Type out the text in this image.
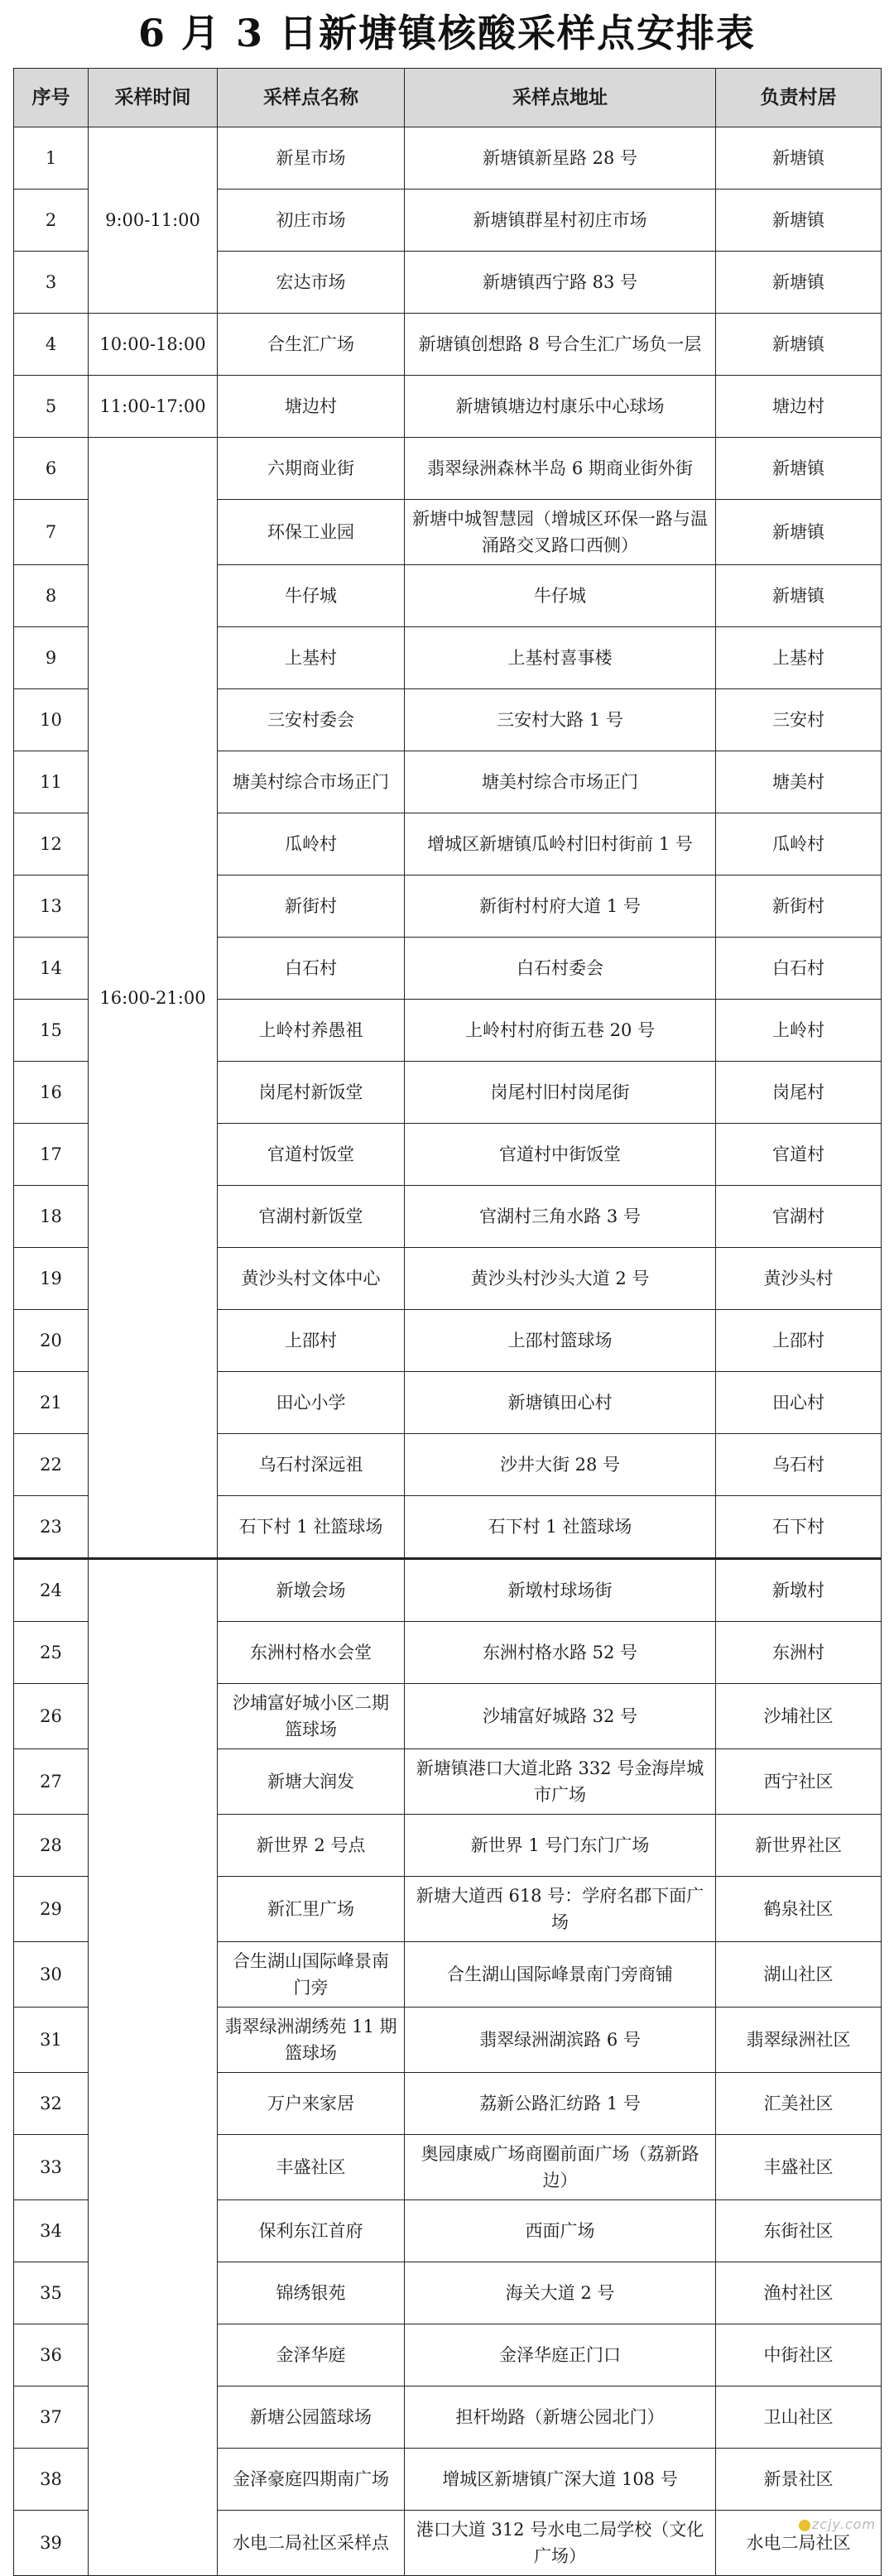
6 月 3 日新塘镇核酸采样点安排表
序号	采样时间	采样点名称	采样点地址	负责村居
1	9:00-11:00	新星市场	新塘镇新星路 28 号	新塘镇
2		初庄市场	新塘镇群星村初庄市场	新塘镇
3		宏达市场	新塘镇西宁路 83 号	新塘镇
4	10:00-18:00	合生汇广场	新塘镇创想路 8 号合生汇广场负一层	新塘镇
5	11:00-17:00	塘边村	新塘镇塘边村康乐中心球场	塘边村
6	16:00-21:00	六期商业街	翡翠绿洲森林半岛 6 期商业街外街	新塘镇
7		环保工业园	新塘中城智慧园（增城区环保一路与温涌路交叉路口西侧）	新塘镇
8		牛仔城	牛仔城	新塘镇
9		上基村	上基村喜事楼	上基村
10		三安村委会	三安村大路 1 号	三安村
11		塘美村综合市场正门	塘美村综合市场正门	塘美村
12		瓜岭村	增城区新塘镇瓜岭村旧村街前 1 号	瓜岭村
13		新街村	新街村村府大道 1 号	新街村
14		白石村	白石村委会	白石村
15		上岭村养愚祖	上岭村村府街五巷 20 号	上岭村
16		岗尾村新饭堂	岗尾村旧村岗尾街	岗尾村
17		官道村饭堂	官道村中街饭堂	官道村
18		官湖村新饭堂	官湖村三角水路 3 号	官湖村
19		黄沙头村文体中心	黄沙头村沙头大道 2 号	黄沙头村
20		上邵村	上邵村篮球场	上邵村
21		田心小学	新塘镇田心村	田心村
22		乌石村深远祖	沙井大街 28 号	乌石村
23		石下村 1 社篮球场	石下村 1 社篮球场	石下村
24		新墩会场	新墩村球场街	新墩村
25		东洲村格水会堂	东洲村格水路 52 号	东洲村
26		沙埔富好城小区二期篮球场	沙埔富好城路 32 号	沙埔社区
27		新塘大润发	新塘镇港口大道北路 332 号金海岸城市广场	西宁社区
28		新世界 2 号点	新世界 1 号门东门广场	新世界社区
29		新汇里广场	新塘大道西 618 号：学府名郡下面广场	鹤泉社区
30		合生湖山国际峰景南门旁	合生湖山国际峰景南门旁商铺	湖山社区
31		翡翠绿洲湖绣苑 11 期篮球场	翡翠绿洲湖滨路 6 号	翡翠绿洲社区
32		万户来家居	荔新公路汇纺路 1 号	汇美社区
33		丰盛社区	奥园康威广场商圈前面广场（荔新路边）	丰盛社区
34		保利东江首府	西面广场	东街社区
35		锦绣银苑	海关大道 2 号	渔村社区
36		金泽华庭	金泽华庭正门口	中街社区
37		新塘公园篮球场	担杆坳路（新塘公园北门）	卫山社区
38		金泽豪庭四期南广场	增城区新塘镇广深大道 108 号	新景社区
39		水电二局社区采样点	港口大道 312 号水电二局学校（文化广场）	水电二局社区
zcjy.com
